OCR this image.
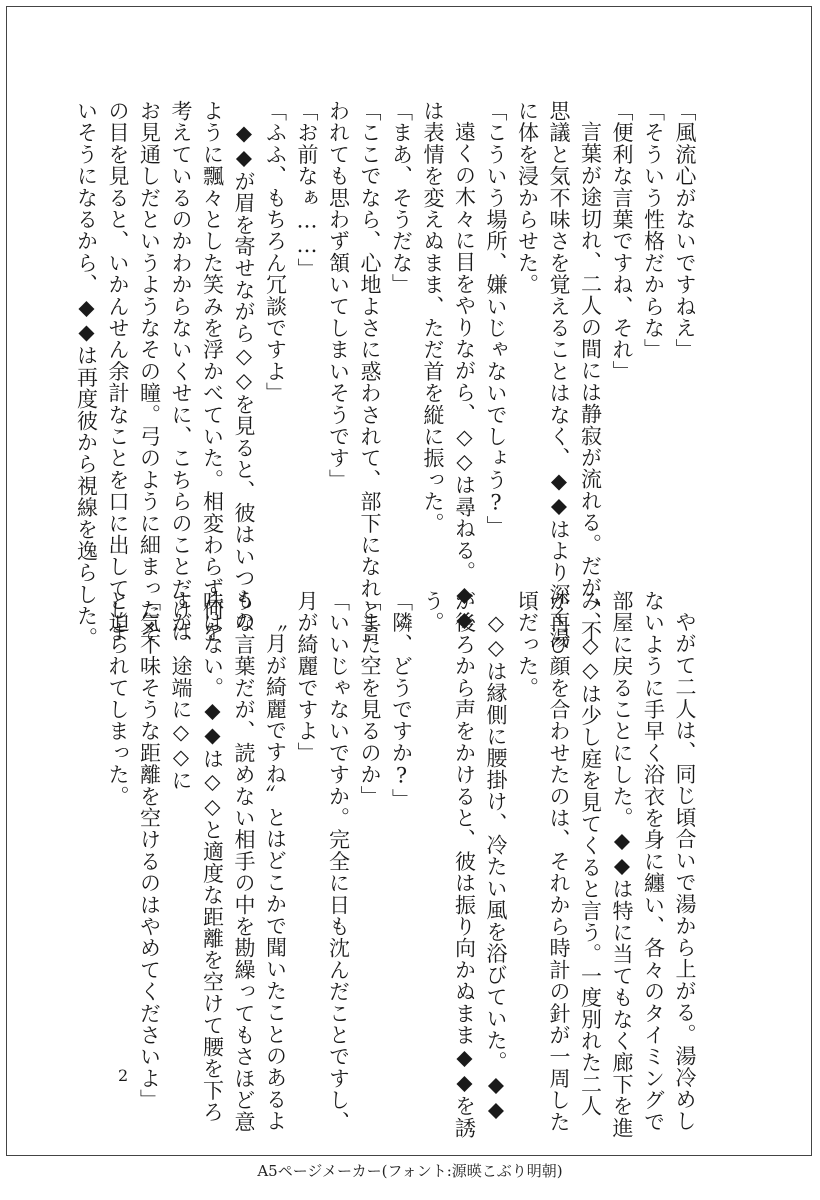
「風流心がないですねえ」

「そういう性格だからな」

「便利な言葉ですね、それ」

言葉が途切れ、二人の間には静寂が流れる。だが、不

思議と気不味さを覚えることはなく、◆◆はより深く湯

に体を浸からせた。

「こういう場所、嫌いじゃないでしょう?」

遠くの木々に目をやりながら、◇◇は尋ねる。◆◆

は表情を変えぬまま、ただ首を縦に振った。

「まあ、そうだな」

「ここでなら、心地よさに惑わされて、部下になれと言

われても思わず頷いてしまいそうです」

「お前なぁ……」

「ふふ、もちろん冗談ですよ」

◆◆が眉を寄せながら◇◇を見ると、彼はいつもの

ように飄々とした笑みを浮かべていた。相変わらず何を

考えているのかわからないくせに、こちらのことだけは

お見通しだというようなその瞳。弓のように細まったそ

の目を見ると、いかんせん余計なことを口に出してしま

いそうになるから、◆◆は再度彼から視線を逸らした。

やがて二人は、同じ頃合いで湯から上がる。湯冷めし

ないように手早く浴衣を身に纏い、各々のタイミングで

部屋に戻ることにした。◆◆は特に当てもなく廊下を進

み、◇◇は少し庭を見てくると言う。一度別れた二人

が再び顔を合わせたのは、それから時計の針が一周した

頃だった。

◇◇は縁側に腰掛け、冷たい風を浴びていた。◆◆

が後ろから声をかけると、彼は振り向かぬまま◆◆を誘

う。

「隣、どうですか?」

「また空を見るのか」

「いいじゃないですか。完全に日も沈んだことですし、

月が綺麗ですよ」

〝月が綺麗ですね〟とはどこかで聞いたことのあるよ

うな言葉だが、読めない相手の中を勘繰ってもさほど意

味はない。◆◆は◇◇と適度な距離を空けて腰を下ろ

すが、途端に◇◇に

「気不味そうな距離を空けるのはやめてくださいよ」

と迫られてしまった。

2
A5ページメーカー(フォント:源暎こぶり明朝)
